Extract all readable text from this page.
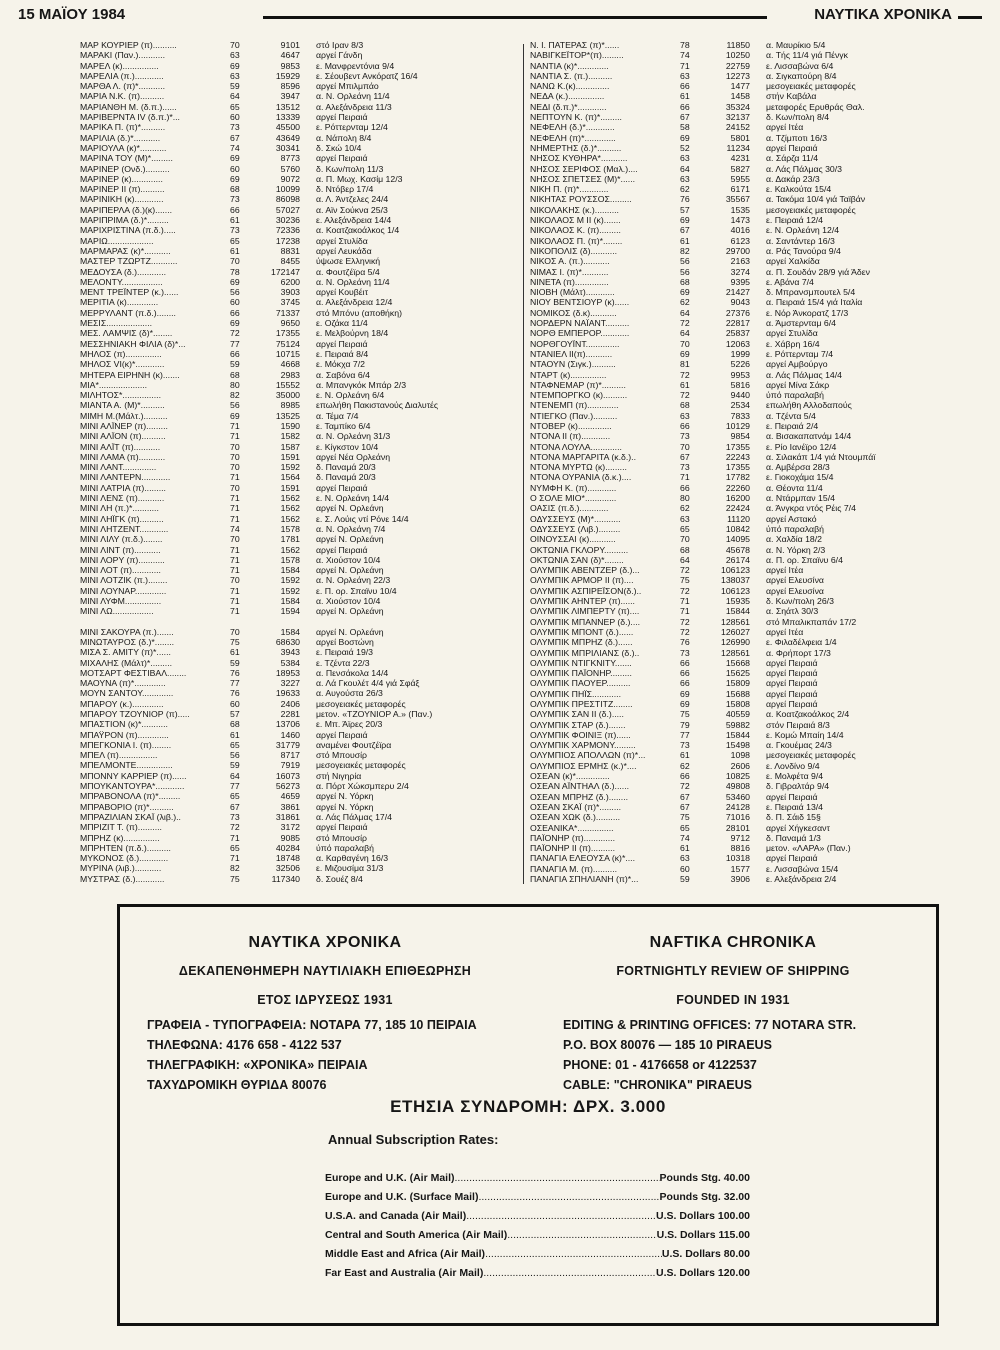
15 ΜΑΪΟΥ 1984	ΝΑΥΤΙΚΑ ΧΡΟΝΙΚΑ
ΜΑΡ ΚΟΥΡΙΕΡ (π)..........	70	9101 στό Ιραν 8/3
ΜΑΡΑΚΙ (Παν.)...........	63	4647 αργεί Γάνδη
ΜΑΡΕΛ (κ)...............	69	9853 ε. Μανφρεντόνια 9/4
ΜΑΡΕΛΙΑ (π.)............	63	15929 ε. Σέουβεντ Ανκόρατζ 16/4
ΜΑΡΘΑ Λ. (π)*...........	59	8596 αργεί Μπιλμπάο
ΜΑΡΙΑ Ν.Κ. (π)..........	64	3947 α. Ν. Ορλεάνη 11/4
ΜΑΡΙΑΝΘΗ Μ. (δ.π.)......	65	13512 α. Αλεξάνδρεια 11/3
ΜΑΡΙΒΕΡΝΤΑ IV (δ.π.)*...	60	13339 αργεί Πειραιά
ΜΑΡΙΚΑ Π. (π)*..........	73	45500 ε. Ρόττερνταμ 12/4
ΜΑΡΙΛΙΑ (δ.)*...........	67	43649 α. Νάπολη 8/4
ΜΑΡΙΟΥΛΑ (κ)*...........	74	30341 δ. Σκώ 10/4
ΜΑΡΙΝΑ ΤΟΥ (Μ)*.........	69	8773 αργεί Πειραιά
ΜΑΡΙΝΕΡ (Ονδ.)..........	60	5760 δ. Κων/πολη 11/3
ΜΑΡΙΝΕΡ (κ).............	69	9072 α. Π. Μωχ. Κασίμ 12/3
ΜΑΡΙΝΕΡ ΙΙ (π)..........	68	10099 δ. Ντόβερ 17/4
ΜΑΡΙΝΙΚΗ (κ)............	73	86098 α. Λ. Άντζελες 24/4
ΜΑΡΙΠΕΡΛΑ (δ.)(κ).......	66	57027 α. Αϊν Σούκνα 25/3
ΜΑΡΙΠΡΙΜΑ (δ.)*.........	61	30236 ε. Αλεξάνδρεια 14/4
ΜΑΡΙΧΡΙΣΤΙΝΑ (π.δ.).....	73	72336 α. Κοατζακοάλκος 1/4
ΜΑΡΙΩ...................	65	17238 αργεί Στυλίδα
ΜΑΡΜΑΡΑΣ (κ)*...........	61	8831 αργεί Λευκάδα
ΜΑΣΤΕΡ ΤΖΩΡΤΖ...........	70	8455 ύψωσε Ελληνική
ΜΕΔΟΥΣΑ (δ.)............	78	172147 α. Φουτζέϊρα 5/4
ΜΕΛΟΝΤΥ.................	69	6200 α. Ν. Ορλεάνη 11/4
ΜΕΝΤ ΤΡΕΪΝΤΕΡ (κ.)......	56	3903 αργεί Κουβέιτ
ΜΕΡΙΤΙΑ (κ).............	60	3745 α. Αλεξάνδρεια 12/4
ΜΕΡΡΥΛΑΝΤ (π.δ.)........	66	71337 στό Μπόνυ (αποθήκη)
ΜΕΣΙΣ...................	69	9650 ε. Οζάκα 11/4
ΜΕΣ. ΛΑΜΨΙΣ (δ)*........	72	17355 ε. Μελβούρνη 18/4
ΜΕΣΣΗΝΙΑΚΗ ΦΙΛΙΑ (δ)*...	77	75124 αργεί Πειραιά
ΜΗΛΟΣ (π)...............	66	10715 ε. Πειραιά 8/4
ΜΗΛΟΣ VI(κ)*............	59	4668 ε. Μόκχα 7/2
ΜΗΤΕΡΑ ΕΙΡΗΝΗ (κ).......	68	2983 α. Σαβόνα 6/4
ΜΙΑ*....................	80	15552 α. Μπανγκόκ Μπάρ 2/3
ΜΙΛΗΤΟΣ*................	82	35000 ε. Ν. Ορλεάνη 6/4
ΜΙΑΝΤΑ Α. (Μ)*..........	56	8985 επωλήθη Πακιστανούς Διαλυτές
ΜΙΜΗ Μ.(Μάλτ.)..........	69	13525 α. Τέμα 7/4
ΜΙΝΙ ΑΛΪΝΕΡ (π).........	71	1590 ε. Ταμπίκο 6/4
ΜΙΝΙ ΑΛΪΟΝ (π)..........	71	1582 α. Ν. Ορλεάνη 31/3
ΜΙΝΙ ΑΛΪΤ (π)...........	70	1587 ε. Κίγκστον 10/4
ΜΙΝΙ ΛΑΜΑ (π)...........	70	1591 αργεί Νέα Ορλεάνη
ΜΙΝΙ ΛΑΝΤ..............	70	1592 δ. Παναμά 20/3
ΜΙΝΙ ΛΑΝΤΕΡΝ............	71	1564 δ. Παναμά 20/3
ΜΙΝΙ ΛΑΤΡΙΑ (π).........	70	1591 αργεί Πειραιά
ΜΙΝΙ ΛΕΝΣ (π)...........	71	1562 ε. Ν. Ορλεάνη 14/4
ΜΙΝΙ ΛΗ (π.)*...........	71	1562 αργεί Ν. Ορλεάνη
ΜΙΝΙ ΛΗΪΓΚ (π)..........	71	1562 ε. Σ. Λούις ντί Ρόνε 14/4
ΜΙΝΙ ΛΗΤΖΕΝΤ............	74	1578 α. Ν. Ορλεάνη 7/4
ΜΙΝΙ ΛΙΛΥ (π.δ.)........	70	1781 αργεί Ν. Ορλεάνη
ΜΙΝΙ ΛΙΝΤ (π)...........	71	1562 αργεί Πειραιά
ΜΙΝΙ ΛΟΡΥ (π)...........	71	1578 α. Χιούστον 10/4
ΜΙΝΙ ΛΟΤ (π)............	71	1584 αργεί Ν. Ορλεάνη
ΜΙΝΙ ΛΟΤΖΙΚ (π.)........	70	1592 α. Ν. Ορλεάνη 22/3
ΜΙΝΙ ΛΟΥΝΑΡ.............	71	1592 ε. Π. ορ. Σπαϊνυ 10/4
ΜΙΝΙ ΛΥΦΜ...............	71	1584 α. Χιούστον 10/4
ΜΙΝΙ ΛΩ.................	71	1594 αργεί Ν. Ορλεάνη
ΜΙΝΙ ΣΑΚΟΥΡΑ (π.).......	70	1584 αργεί Ν. Ορλεάνη
ΜΙΝΩΤΑΥΡΟΣ (δ.)*........	75	68630 αργεί Βοστώνη
ΜΙΣΑ Σ. ΑΜΙΤΥ (π)*......	61	3943 ε. Πειραιά 19/3
ΜΙΧΑΛΗΣ (Μάλτ)*.........	59	5384 ε. Τζέντα 22/3
ΜΟΤΣΑΡΤ ΦΕΣΤΙΒΑΛ........	76	18953 α. Πενσάκολα 14/4
ΜΑΟΥΝΑ (π)*.............	77	3227 α. Λά Γκουλέτ 4/4 γιά Σφάξ
ΜΟΥΝ ΣΑΝΤΟΥ.............	76	19633 α. Αυγούστα 26/3
ΜΠΑΡΟΥ (κ.).............	60	2406 μεσογειακές μεταφορές
ΜΠΑΡΟΥ ΤΖΟΥΝΙΟΡ (π).....	57	2281 μετον. «ΤΖΟΥΝΙΟΡ Α.» (Παν.)
ΜΠΑΣΤΙΟΝ (κ)*...........	68	13706 ε. Μπ. Άϊρες 20/3
ΜΠΑΫΡΟΝ (π).............	61	1460 αργεί Πειραιά
ΜΠΕΓΚΟΝΙΑ Ι. (π)........	65	31779 αναμένει Φουτζέϊρα
ΜΠΕΛ (π)................	56	8717 στό Μπουσίρ
ΜΠΕΛΜΟΝΤΕ...............	59	7919 μεσογειακές μεταφορές
ΜΠΟΝΝΥ ΚΑΡΡΙΕΡ (π)......	64	16073 στή Νιγηρία
ΜΠΟΥΚΑΝΤΟΥΡΑ*............	77	56273 α. Πόρτ Χώκσμπερυ 2/4
ΜΠΡΑΒΟΝΟΛΑ (π)*.........	65	4659 αργεί Ν. Υόρκη
ΜΠΡΑΒΟΡΙΟ (π)*..........	67	3861 αργεί Ν. Υόρκη
ΜΠΡΑΖΙΛΙΑΝ ΣΚΑΪ (λιβ.)..	73	31861 α. Λάς Πάλμας 17/4
ΜΠΡΙΖΙΤ Τ. (π)..........	72	3172 αργεί Πειραιά
ΜΠΡΗΖ (κ)...............	71	9085 στό Μπουσίρ
ΜΠΡΗΤΕΝ (π.δ.)..........	65	40284 ύπό παραλαβή
ΜΥΚΟΝΟΣ (δ.)............	71	18748 α. Καρθαγένη 16/3
ΜΥΡΙΝΑ (λιβ.)...........	82	32506 ε. Μιζουσίμα 31/3
ΜΥΣΤΡΑΣ (δ.)............	75	117340 δ. Σουέζ 8/4
Ν. Ι. ΠΑΤΕΡΑΣ (π)*......	78	11850 α. Μαυρίκιο 5/4
ΝΑΒΙΓΚΕΪΤΟΡ*(π).........	74	10250 α. Τής 11/4 γιά Πένγκ
ΝΑΝΤΙΑ (κ)*.............	71	22759 ε. Λισσαβώνα 6/4
ΝΑΝΤΙΑ Σ. (π.)..........	63	12273 α. Σιγκαπούρη 8/4
ΝΑΝΩ Κ.(κ)..............	66	1477 μεσογειακές μεταφορές
ΝΕΔΑ (κ.)...............	61	1458 στήν Καβάλα
ΝΕΔΙ (δ.π.)*............	66	35324 μεταφορές Ερυθράς Θαλ.
ΝΕΠΤΟΥΝ Κ. (π)*.........	67	32137 δ. Κων/πολη 8/4
ΝΕΦΕΛΗ (δ.)*............	58	24152 αργεί Ιτέα
ΝΕΦΕΛΗ (π)*.............	69	5801 α. Τζίμποτι 16/3
ΝΗΜΕΡΤΗΣ (δ.)*..........	52	11234 αργεί Πειραιά
ΝΗΣΟΣ ΚΥΘΗΡΑ*...........	63	4231 α. Σάρζα 11/4
ΝΗΣΟΣ ΣΕΡΙΦΟΣ (Μαλ.)....	64	5827 α. Λάς Πάλμας 30/3
ΝΗΣΟΣ ΣΠΕΤΣΕΣ (Μ)*......	63	5955 α. Δακάρ 23/3
ΝΙΚΗ Π. (π)*............	62	6171 ε. Καλκούτα 15/4
ΝΙΚΗΤΑΣ ΡΟΥΣΣΟΣ.........	76	35567 α. Τακόμα 10/4 γιά Ταϊβάν
ΝΙΚΟΛΑΚΗΣ (κ.)..........	57	1535 μεσογειακές μεταφορές
ΝΙΚΟΛΑΟΣ Μ ΙΙ (κ).......	69	1473 ε. Πειραιά 12/4
ΝΙΚΟΛΑΟΣ Κ. (π).........	67	4016 ε. Ν. Ορλεάνη 12/4
ΝΙΚΟΛΑΟΣ Π. (π)*........	61	6123 α. Σαντάντερ 16/3
ΝΙΚΟΠΟΛΙΣ (δ)...........	82	29700 α. Ράς Τανούρα 9/4
ΝΙΚΟΣ Α. (π.)...........	56	2163 αργεί Χαλκίδα
ΝΙΜΑΣ Ι. (π)*...........	56	3274 α. Π. Σουδάν 28/9 γιά Άδεν
ΝΙΝΕΤΑ (π)..............	68	9395 ε. Αβάνα 7/4
ΝΙΟΒΗ (Μάλτ)............	69	21427 δ. Μπρανσμπουτελ 5/4
ΝΙΟΥ ΒΕΝΤΣΙΟΥΡ (κ)......	62	9043 α. Πειραιά 15/4 γιά Ιταλία
ΝΟΜΙΚΟΣ (δ.κ)...........	64	27376 ε. Νόρ Άνκορατζ 17/3
ΝΟΡΔΕΡΝ ΝΑΪΑΝΤ..........	72	22817 α. Άμστερνταμ 6/4
ΝΟΡΘ ΕΜΠΕΡΟΡ............	64	25837 αργεί Στυλίδα
ΝΟΡΘΓΟΥΪΝΤ..............	70	12063 ε. Χάβρη 16/4
ΝΤΑΝΙΕΛ ΙΙ(π)...........	69	1999 ε. Ρόττερνταμ 7/4
ΝΤΑΟΥΝ (Σιγκ.)..........	81	5226 αργεί Αμβούργο
ΝΤΑΡΤ (κ)...............	72	9953 α. Λάς Πάλμας 14/4
ΝΤΑΦΝΕΜΑΡ (π)*..........	61	5816 αργεί Μίνα Σάκρ
ΝΤΕΜΠΟΡΓΚΟ (κ)..........	72	9440 ύπό παραλαβή
ΝΤΕΝΕΜΠ (π).............	68	2534 επωλήθη Αλλοδαπούς
ΝΤΙΕΓΚΟ (Παν.)..........	63	7833 α. Τζέντα 5/4
ΝΤΟΒΕΡ (κ)..............	66	10129 ε. Πειραιά 2/4
ΝΤΟΝΑ ΙΙ (π)............	73	9854 α. Βισακαπατνάμ 14/4
ΝΤΟΝΑ ΛΟΥΛΑ.............	70	17355 ε. Ρίο Ιανέϊρο 12/4
ΝΤΟΝΑ ΜΑΡΓΑΡΙΤΑ (κ.δ.)..	67	22243 α. Σιλακάπ 1/4 γιά Ντουμπάϊ
ΝΤΟΝΑ ΜΥΡΤΩ (κ).........	73	17355 α. Αμβέρσα 28/3
ΝΤΟΝΑ ΟΥΡΑΝΙΑ (δ.κ.)....	71	17782 ε. Γιοκοχάμα 15/4
ΝΥΜΦΗ Κ. (π)............	66	22260 α. Θέοντα 11/4
Ο ΣΟΛΕ ΜΙΟ*.............	80	16200 α. Ντάρμπαν 15/4
ΟΑΣΙΣ (π.δ.)............	62	22424 α. Άνγκρα ντός Ρέις 7/4
ΟΔΥΣΣΕΥΣ (Μ)*...........	63	11120 αργεί Αστακό
ΟΔΥΣΣΕΥΣ (Λιβ.).........	65	10842 ύπό παραλαβή
ΟΙΝΟΥΣΣΑΙ (κ)...........	70	14095 α. Χαλδία 18/2
ΟΚΤΩΝΙΑ ΓΚΛΟΡΥ..........	68	45678 α. Ν. Υόρκη 2/3
ΟΚΤΩΝΙΑ ΣΑΝ (δ)*........	64	26174 α. Π. ορ. Σπαϊνυ 6/4
ΟΛΥΜΠΙΚ ΑΒΕΝΤΖΕΡ (δ.)...	72	106123 αργεί Ιτέα
ΟΛΥΜΠΙΚ ΑΡΜΟΡ ΙΙ (π)....	75	138037 αργεί Ελευσίνα
ΟΛΥΜΠΙΚ ΑΣΠΙΡΕΪΣΟΝ(δ.)..	72	106123 αργεί Ελευσίνα
ΟΛΥΜΠΙΚ ΑΗΝΤΕΡ (π)......	71	15935 δ. Κων/πολη 26/3
ΟΛΥΜΠΙΚ ΛΙΜΠΕΡΤΥ (π)....	71	15844 α. Σηάτλ 30/3
ΟΛΥΜΠΙΚ ΜΠΑΝΝΕΡ (δ.)....	72	128561 στό Μπαλικπαπάν 17/2
ΟΛΥΜΠΙΚ ΜΠΟΝΤ (δ.)......	72	126027 αργεί Ιτέα
ΟΛΥΜΠΙΚ ΜΠΡΗΖ (δ.)......	76	126990 ε. Φιλαδέλφεια 1/4
ΟΛΥΜΠΙΚ ΜΠΡΙΛΙΑΝΣ (δ.)..	73	128561 α. Φρήπορτ 17/3
ΟΛΥΜΠΙΚ ΝΤΙΓΚΝΙΤΥ.......	66	15668 αργεί Πειραιά
ΟΛΥΜΠΙΚ ΠΑΪΟΝΗΡ.........	66	15625 αργεί Πειραιά
ΟΛΥΜΠΙΚ ΠΑΟΥΕΡ..........	66	15809 αργεί Πειραιά
ΟΛΥΜΠΙΚ ΠΗΪΣ............	69	15688 αργεί Πειραιά
ΟΛΥΜΠΙΚ ΠΡΕΣΤΙΤΖ........	69	15808 αργεί Πειραιά
ΟΛΥΜΠΙΚ ΣΑΝ ΙΙ (δ.).....	75	40559 α. Κοατζακοάλκος 2/4
ΟΛΥΜΠΙΚ ΣΤΑΡ (δ.).......	79	59882 στόν Πειραιά 8/3
ΟΛΥΜΠΙΚ ΦΟΙΝΙΞ (π)......	77	15844 ε. Κομώ Μπαίη 14/4
ΟΛΥΜΠΙΚ ΧΑΡΜΟΝΥ.........	73	15498 α. Γκουέμας 24/3
ΟΛΥΜΠΙΟΣ ΑΠΟΛΛΩΝ (π)*...	61	1098 μεσογειακές μεταφορές
ΟΛΥΜΠΙΟΣ ΕΡΜΗΣ (κ.)*....	62	2606 ε. Λονδίνο 9/4
ΟΣΕΑΝ (κ)*..............	66	10825 ε. Μολφέτα 9/4
ΟΣΕΑΝ ΑΪΝΤΗΑΛ (δ.)......	72	49808 δ. Γιβραλτάρ 9/4
ΟΣΕΑΝ ΜΠΡΗΖ (δ.)........	67	53460 αργεί Πειραιά
ΟΣΕΑΝ ΣΚΑΪ (π)*.........	67	24128 ε. Πειραιά 13/4
ΟΣΕΑΝ ΧΩΚ (δ.)..........	75	71016 δ. Π. Σάιδ 15§
ΟΣΕΑΝΙΚΑ*...............	65	28101 αργεί Χήγκεσαντ
ΠΑΪΟΝΗΡ (π).............	74	9712 δ. Παναμά 1/3
ΠΑΪΟΝΗΡ ΙΙ (π)..........	61	8816 μετον. «ΛΑΡΑ» (Παν.)
ΠΑΝΑΓΙΑ ΕΛΕΟΥΣΑ (κ)*....	63	10318 αργεί Πειραιά
ΠΑΝΑΓΙΑ Μ. (π)..........	60	1577 ε. Λισσαβώνα 15/4
ΠΑΝΑΓΙΑ ΣΠΗΛΙΑΝΗ (π)*...	59	3906 ε. Αλεξάνδρεια 2/4
ΝΑΥΤΙΚΑ ΧΡΟΝΙΚΑ	NAFTIKA CHRONIKA
ΔΕΚΑΠΕΝΘΗΜΕΡΗ ΝΑΥΤΙΛΙΑΚΗ ΕΠΙΘΕΩΡΗΣΗ	FORTNIGHTLY REVIEW OF SHIPPING
ΕΤΟΣ ΙΔΡΥΣΕΩΣ 1931	FOUNDED IN 1931
ΓΡΑΦΕΙΑ - ΤΥΠΟΓΡΑΦΕΙΑ: ΝΟΤΑΡΑ 77, 185 10 ΠΕΙΡΑΙΑ
ΤΗΛΕΦΩΝΑ: 4176 658 - 4122 537
ΤΗΛΕΓΡΑΦΙΚΗ: «ΧΡΟΝΙΚΑ» ΠΕΙΡΑΙΑ
ΤΑΧΥΔΡΟΜΙΚΗ ΘΥΡΙΔΑ 80076
EDITING & PRINTING OFFICES: 77 NOTARA STR.
P.O. BOX 80076 — 185 10 PIRAEUS
PHONE: 01 - 4176658 or 4122537
CABLE: "CHRONIKA" PIRAEUS
ΕΤΗΣΙΑ ΣΥΝΔΡΟΜΗ: ΔΡΧ. 3.000
Annual Subscription Rates:
Europe and U.K. (Air Mail) .....	Pounds Stg. 40.00
Europe and U.K. (Surface Mail) .....	Pounds Stg. 32.00
U.S.A. and Canada (Air Mail) .....	U.S. Dollars 100.00
Central and South America (Air Mail) .....	U.S. Dollars 115.00
Middle East and Africa (Air Mail) .....	U.S. Dollars 80.00
Far East and Australia (Air Mail) .....	U.S. Dollars 120.00
